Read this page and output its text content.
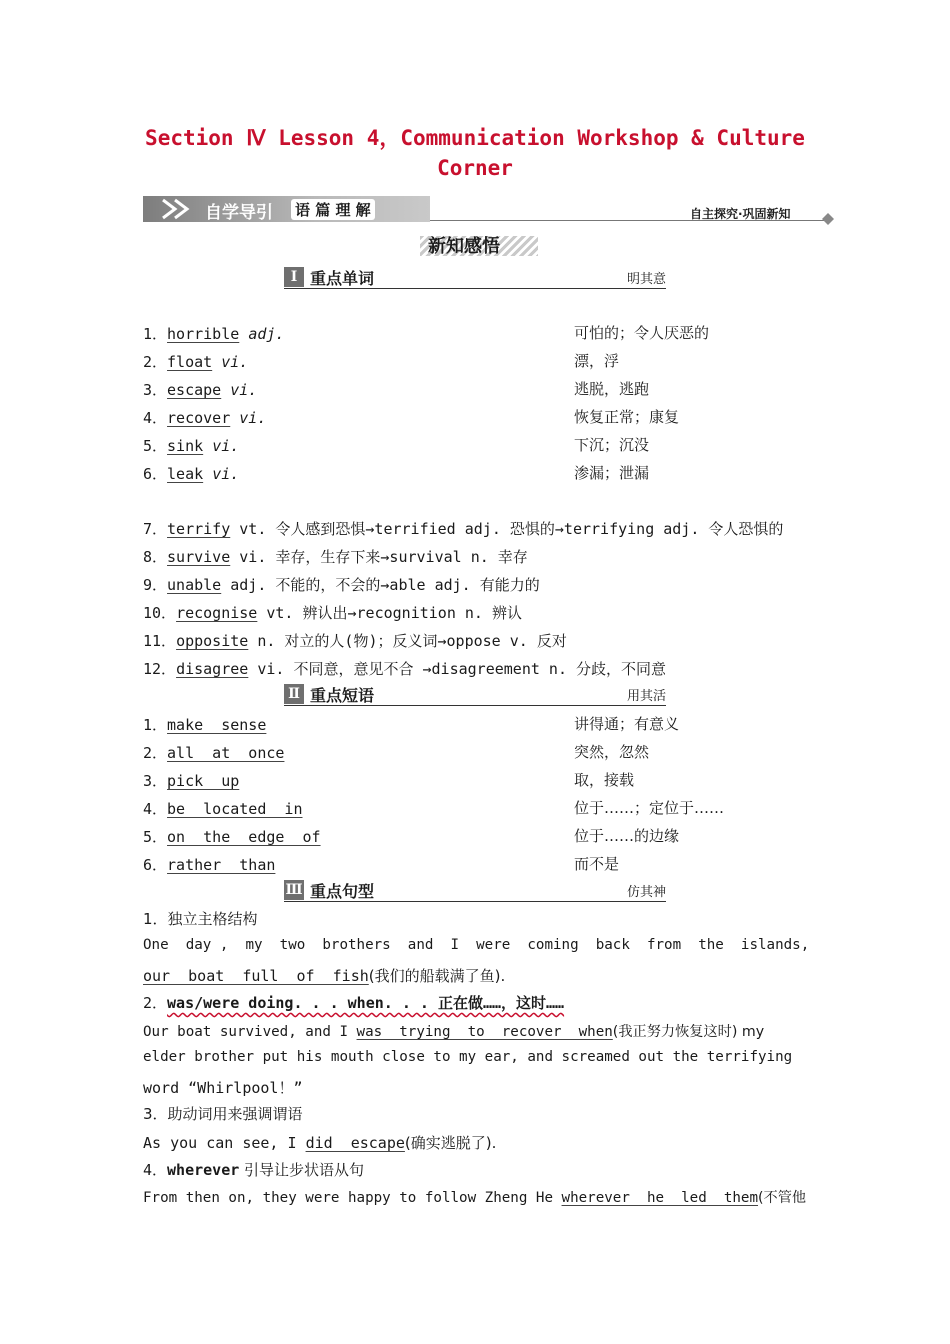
Section Ⅳ Lesson 4，Communication Workshop & Culture
Corner
自学导引 语 篇 理 解	自主探究·巩固新知
新知感悟
Ⅰ 重点单词	明其意
1．horrible adj.	可怕的；令人厌恶的
2．float vi.	漂，浮
3．escape vi.	逃脱，逃跑
4．recover vi.	恢复正常；康复
5．sink vi.	下沉；沉没
6．leak vi.	渗漏；泄漏
7．terrify vt. 令人感到恐惧→terrified adj. 恐惧的→terrifying adj. 令人恐惧的
8．survive vi. 幸存，生存下来→survival n. 幸存
9．unable adj. 不能的，不会的→able adj. 有能力的
10．recognise vt. 辨认出→recognition n. 辨认
11．opposite n. 对立的人(物)；反义词→oppose v. 反对
12．disagree vi. 不同意，意见不合 →disagreement n. 分歧，不同意
Ⅱ 重点短语	用其活
1．make  sense	讲得通；有意义
2．all  at  once	突然，忽然
3．pick  up	取，接载
4．be  located  in	位于……；定位于……
5．on  the  edge  of	位于……的边缘
6．rather  than	而不是
Ⅲ 重点句型	仿其神
1．独立主格结构
One  day ,  my  two  brothers  and  I  were  coming  back  from  the  islands,
our  boat  full  of  fish(我们的船载满了鱼).
2．was/were doing. . . when. . . 正在做……，这时……
Our boat survived, and I was  trying  to  recover  when(我正努力恢复这时) my
elder brother put his mouth close to my ear, and screamed out the terrifying
word “Whirlpool！”
3．助动词用来强调谓语
As you can see, I did  escape(确实逃脱了).
4．wherever 引导让步状语从句
From then on, they were happy to follow Zheng He wherever  he  led  them(不管他
